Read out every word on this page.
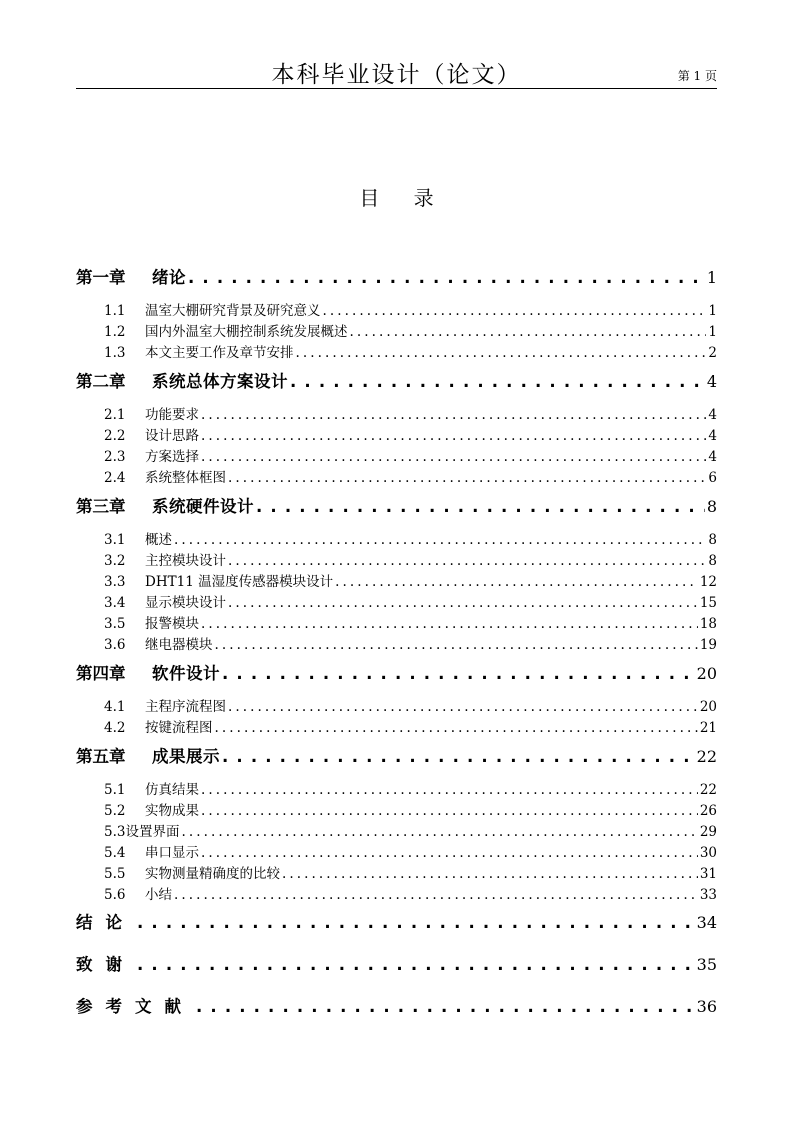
本科毕业设计（论文）	第 1 页
目 录
第一章	绪论 . . .	1
1.1	温室大棚研究背景及研究意义 . . .	1
1.2	国内外温室大棚控制系统发展概述 . . .	1
1.3	本文主要工作及章节安排 . . .	2
第二章	系统总体方案设计 . . .	4
2.1	功能要求 . . .	4
2.2	设计思路 . . .	4
2.3	方案选择 . . .	4
2.4	系统整体框图 . . .	6
第三章	系统硬件设计 . . .	8
3.1	概述 . . .	8
3.2	主控模块设计 . . .	8
3.3	DHT11 温湿度传感器模块设计 . . .	12
3.4	显示模块设计 . . .	15
3.5	报警模块 . . .	18
3.6	继电器模块 . . .	19
第四章	软件设计 . . .	20
4.1	主程序流程图 . . .	20
4.2	按键流程图 . . .	21
第五章	成果展示 . . .	22
5.1	仿真结果 . . .	22
5.2	实物成果 . . .	26
5.3 设置界面 . . .	29
5.4	串口显示 . . .	30
5.5	实物测量精确度的比较 . . .	31
5.6	小结 . . .	33
结论 . . .	34
致谢 . . .	35
参考文献 . . .	36
